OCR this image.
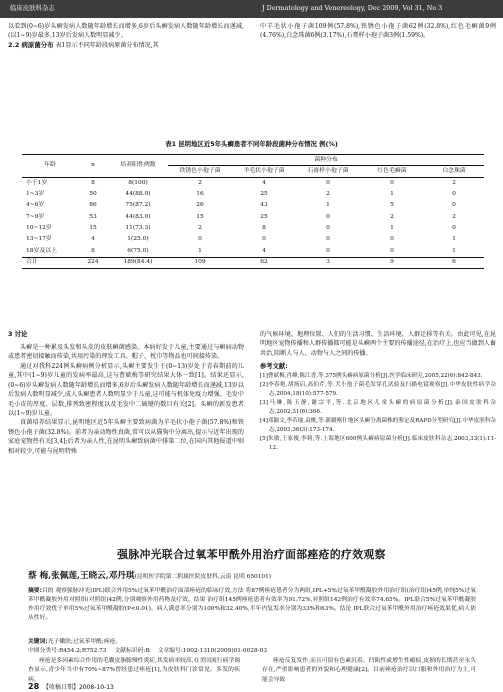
临床皮肤科杂志	J Dermatology and Venereology, Dec 2009, Vol 31, No 3

以看到(0~6)岁头癣发病人数随年龄增长而增多,6岁后头癣发病人数随年龄增长而递减,(以1~9)岁最多,13岁后发病人数明显减少。

2.2 病原菌分布 表1显示不同年龄段病原菌分布情况,其

中羊毛状小孢子菌109例(57.8%),铁锈色小孢子菌62例(32.8%),红色毛癣菌9例(4.76%),白念珠菌6例(3.17%),石膏样小孢子菌3例(1.59%)。

表1 昆明地区近5年头癣患者不同年龄段菌种分布情况 例(%)
年龄	n	培养阳性例数	菌种分布				
			铁锈色小孢子菌	羊毛状小孢子菌	石膏样小孢子菌	红色毛癣菌	白念珠菌
小于1岁	8	8(100)	2	4	0	0	2
1~3岁	50	44(88.0)	16	25	2	1	0
4~6岁	86	75(87.2)	26	43	1	5	0
7~9岁	53	44(83.0)	15	25	0	2	2
10~12岁	15	11(73.3)	2	8	0	1	0
13~17岁	4	1(25.0)	0	0	0	0	1
18岁及以上	8	6(75.0)	1	4	0	0	1
合计	224	189(84.4)	109	62	3	9	6

3 讨论

头癣是一种累及头发和头皮的皮肤癣菌感染。本病好发于儿童,主要通过与癣病动物或患者密切接触而传染,共用污染的理发工具、帽子、枕巾等物品也可间接传染。

通过对我科224例头癣病例分析显示,头癣主要发生于(0~13)岁处于青春期前的儿童,其中(1~9)岁儿童的发病率最高,这与曹斌梅等研究结果大体一致[1]。结果还显示,(0~6)岁头癣发病人数随年龄增长而增多,6岁后头癣发病人数随年龄增长而递减,13岁以后发病人数明显减少,成人头癣患者人数明显少于儿童,这可能与机体免疫力增强、毛发中毛小皮的厚度、层数,排列致密程度以及毛发中二硫键的数目有关[2]。头癣的新发患者以(1~9)岁儿童。

真菌培养结果显示,昆明地区近5年头癣主要致病菌为羊毛状小孢子菌(57.8%)和铁锈色小孢子菌(32.8%)。前者为亲动物性真菌,常可以从猫狗中分离出,提示与近年出现的家庭宠物热有关[3,4];后者为亲人性,在昆明头癣致病菌中排第二位,在国内其他报道中则相对较少,可能与昆明特殊

的气候环境、地理位置、人们的生活习惯、生活环境、人群迁移等有关。由此可见,在昆明地区宠物传播和人群传播都可能是头癣两个主要的传播途径,在治疗上,也应当做到人畜共治,阻断人与人、动物与人之间的传播。

参考文献:

[1]曹斌梅,肖峰,陈江香,等.375例头癣病原菌分析[J].医学临床研究,2005,22(6):842-843.

[2]李春艳,胡扬启,高伯芹,等.犬小孢子菌毛发穿孔试验及扫描电镜观察[J].中华皮肤性病学杂志,2004,18(10):577-579.

[3]马琳,陈玉静,谢宗平,等.北京地区儿童头癣的病原菌分析[J].泰国皮肤科杂志,2002,31(6):366.

[4]邓颖文,李若瑜,袁桃,等.新疆喀什地区头癣分离菌株的鉴定及RAPD分型研究[J].中华皮肤科杂志,2003,36(3):173-174.

[5]朱敏,王家俊,李莉,等.上海地区600例头癣病原菌分析[J].临床皮肤科杂志,2003,33(1):11-12.

强脉冲光联合过氧苯甲酰外用治疗面部痤疮的疗效观察
蔡 梅,张佩莲,王晓云,邓丹琪(昆明医学院第二附属医院皮肤科,云南 昆明 650101)
摘要:目的 观察强脉冲光(IPL)联合外用5%过氧苯甲酰治疗面部痤疮的临床疗效,方法 将87例痤疮患者分为两组,IPL+5%过氧苯甲酰凝胶外用治疗组(治疗组)45例,单纯5%过氧苯甲酰凝胶外用对照组(对照组)42例,分别观察外用药物及疗效。结果 治疗组145例痤疮患者有效率为91.72%,对照组142例治疗有效率74.65%。IPL联合5%过氧苯甲酰凝胶外用疗效优于单用5%过氧苯甲酰凝胶(P<0.01)。病人满意率分别为100%和32.40%,半年内复发率分别为33%和63%。结论 IPL联合过氧苯甲酰外用治疗痤疮效果优,病人依从性好。
关键词:光子嫩肤;过氧苯甲酰;痤疮。
中图分类号:R454.2;R752.73 文献标识码:B 文章编号:1002-1310(2009)01-0028-03
痤疮是多因素综合作用的毛囊皮脂腺慢性炎症,其发病率较高,在美国流行病学调查显示,青少年当中有70%~87%曾经患过痤疮[1],为皮肤科门诊常见、多发的疾病。
痤疮反复发作,而且可留有色素沉着、凹陷性或增生性瘢痕,皮损的长期甚至永久存在,严重影响患者的外貌和心理健康[2]。目前痤疮治疗以口服和外用治疗为主,可能会导致
28 【收稿日期】2008-10-13
